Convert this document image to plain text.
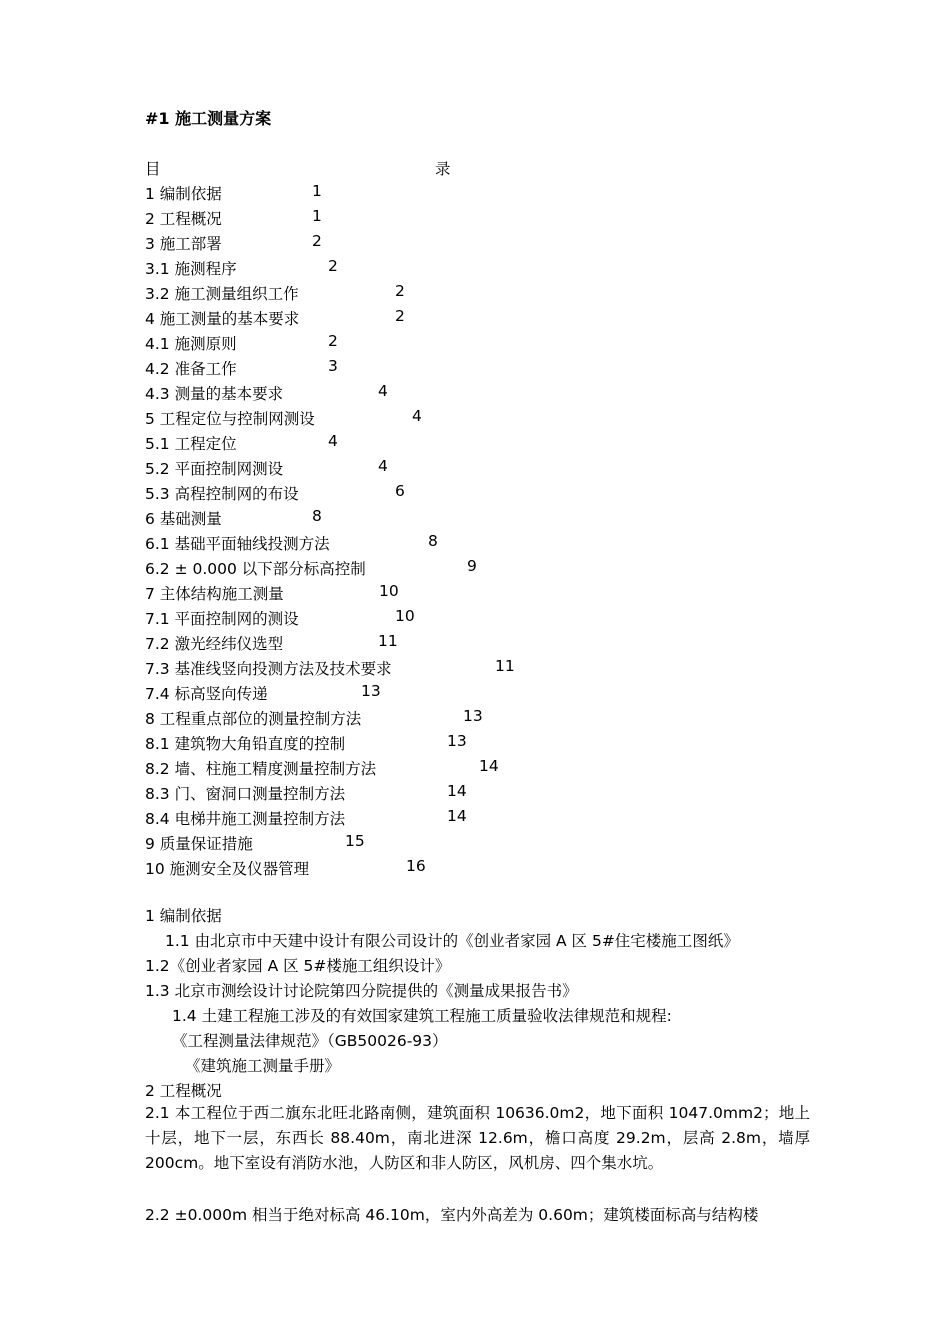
#1 施工测量方案
目	录
1 编制依据	1
2 工程概况	1
3 施工部署	2
3.1 施测程序	2
3.2 施工测量组织工作	2
4 施工测量的基本要求	2
4.1 施测原则	2
4.2 准备工作	3
4.3 测量的基本要求	4
5 工程定位与控制网测设	4
5.1 工程定位	4
5.2 平面控制网测设	4
5.3 高程控制网的布设	6
6 基础测量	8
6.1 基础平面轴线投测方法	8
6.2 ± 0.000 以下部分标高控制	9
7 主体结构施工测量	10
7.1 平面控制网的测设	10
7.2 激光经纬仪选型	11
7.3 基准线竖向投测方法及技术要求	11
7.4 标高竖向传递	13
8 工程重点部位的测量控制方法	13
8.1 建筑物大角铅直度的控制	13
8.2 墙、柱施工精度测量控制方法	14
8.3 门、窗洞口测量控制方法	14
8.4 电梯井施工测量控制方法	14
9 质量保证措施	15
10 施测安全及仪器管理	16
1 编制依据
1.1 由北京市中天建中设计有限公司设计的《创业者家园 A 区 5#住宅楼施工图纸》
1.2《创业者家园 A 区 5#楼施工组织设计》
1.3 北京市测绘设计讨论院第四分院提供的《测量成果报告书》
1.4 土建工程施工涉及的有效国家建筑工程施工质量验收法律规范和规程:
《工程测量法律规范》（GB50026-93）
《建筑施工测量手册》
2 工程概况
2.1 本工程位于西二旗东北旺北路南侧，建筑面积 10636.0m2，地下面积 1047.0mm2；地上十层，地下一层，东西长 88.40m，南北进深 12.6m，檐口高度 29.2m，层高 2.8m，墙厚 200cm。地下室设有消防水池，人防区和非人防区，风机房、四个集水坑。
2.2 ±0.000m 相当于绝对标高 46.10m，室内外高差为 0.60m；建筑楼面标高与结构楼
